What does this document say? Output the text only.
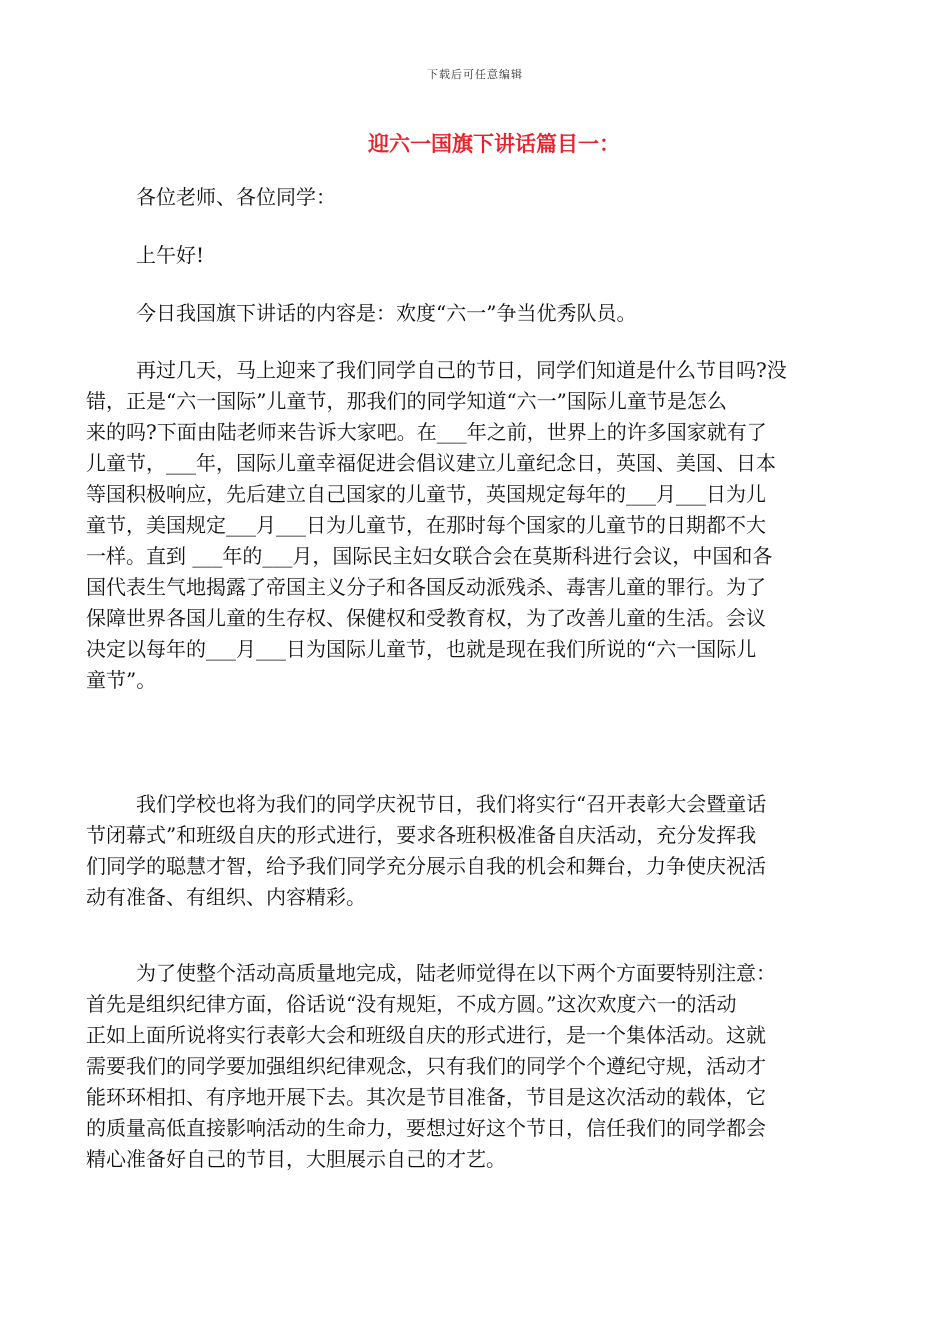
下载后可任意编辑
迎六一国旗下讲话篇目一：
各位老师、各位同学：
上午好!
今日我国旗下讲话的内容是：欢度“六一”争当优秀队员。
再过几天，马上迎来了我们同学自己的节日，同学们知道是什么节目吗?没
错，正是“六一国际”儿童节，那我们的同学知道“六一”国际儿童节是怎么
来的吗?下面由陆老师来告诉大家吧。在___年之前，世界上的许多国家就有了
儿童节，___年，国际儿童幸福促进会倡议建立儿童纪念日，英国、美国、日本
等国积极响应，先后建立自己国家的儿童节，英国规定每年的___月___日为儿
童节，美国规定___月___日为儿童节，在那时每个国家的儿童节的日期都不大
一样。直到 ___年的___月，国际民主妇女联合会在莫斯科进行会议，中国和各
国代表生气地揭露了帝国主义分子和各国反动派残杀、毒害儿童的罪行。为了
保障世界各国儿童的生存权、保健权和受教育权，为了改善儿童的生活。会议
决定以每年的___月___日为国际儿童节，也就是现在我们所说的“六一国际儿
童节”。
我们学校也将为我们的同学庆祝节日，我们将实行“召开表彰大会暨童话
节闭幕式”和班级自庆的形式进行，要求各班积极准备自庆活动，充分发挥我
们同学的聪慧才智，给予我们同学充分展示自我的机会和舞台，力争使庆祝活
动有准备、有组织、内容精彩。
为了使整个活动高质量地完成，陆老师觉得在以下两个方面要特别注意：
首先是组织纪律方面，俗话说“没有规矩，不成方圆。”这次欢度六一的活动
正如上面所说将实行表彰大会和班级自庆的形式进行，是一个集体活动。这就
需要我们的同学要加强组织纪律观念，只有我们的同学个个遵纪守规，活动才
能环环相扣、有序地开展下去。其次是节目准备，节目是这次活动的载体，它
的质量高低直接影响活动的生命力，要想过好这个节日，信任我们的同学都会
精心准备好自己的节目，大胆展示自己的才艺。
